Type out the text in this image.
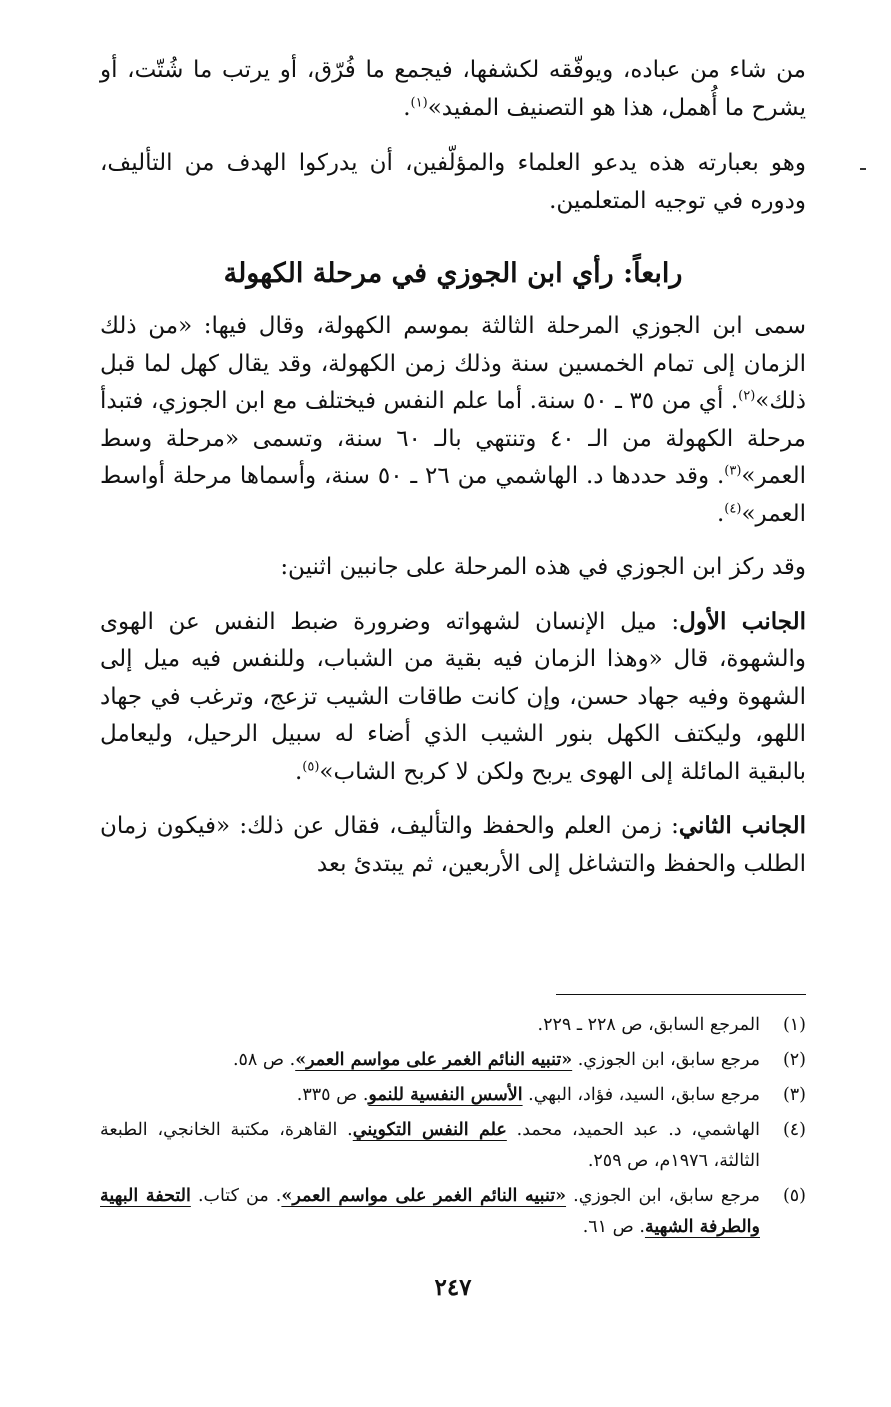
من شاء من عباده، ويوفّقه لكشفها، فيجمع ما فُرّق، أو يرتب ما شُتّت، أو يشرح ما أُهمل، هذا هو التصنيف المفيد»$^{(١)}$.

وهو بعبارته هذه يدعو العلماء والمؤلّفين، أن يدركوا الهدف من التأليف، ودوره في توجيه المتعلمين.

رابعاً: رأي ابن الجوزي في مرحلة الكهولة

سمى ابن الجوزي المرحلة الثالثة بموسم الكهولة، وقال فيها: «من ذلك الزمان إلى تمام الخمسين سنة وذلك زمن الكهولة، وقد يقال كهل لما قبل ذلك»$^{(٢)}$. أي من ٣٥ ـ ٥٠ سنة. أما علم النفس فيختلف مع ابن الجوزي، فتبدأ مرحلة الكهولة من الـ ٤٠ وتنتهي بالـ ٦٠ سنة، وتسمى «مرحلة وسط العمر»$^{(٣)}$. وقد حددها د. الهاشمي من ٢٦ ـ ٥٠ سنة، وأسماها مرحلة أواسط العمر»$^{(٤)}$.

وقد ركز ابن الجوزي في هذه المرحلة على جانبين اثنين:

الجانب الأول: ميل الإنسان لشهواته وضرورة ضبط النفس عن الهوى والشهوة، قال «وهذا الزمان فيه بقية من الشباب، وللنفس فيه ميل إلى الشهوة وفيه جهاد حسن، وإن كانت طاقات الشيب تزعج، وترغب في جهاد اللهو، وليكتف الكهل بنور الشيب الذي أضاء له سبيل الرحيل، وليعامل بالبقية المائلة إلى الهوى يربح ولكن لا كربح الشاب»$^{(٥)}$.

الجانب الثاني: زمن العلم والحفظ والتأليف، فقال عن ذلك: «فيكون زمان الطلب والحفظ والتشاغل إلى الأربعين، ثم يبتدئ بعد

(١)
المرجع السابق، ص ٢٢٨ ـ ٢٢٩.
(٢)
مرجع سابق، ابن الجوزي. «تنبيه النائم الغمر على مواسم العمر». ص ٥٨.
(٣)
مرجع سابق، السيد، فؤاد، البهي. الأسس النفسية للنمو. ص ٣٣٥.
(٤)
الهاشمي، د. عبد الحميد، محمد. علم النفس التكويني. القاهرة، مكتبة الخانجي، الطبعة الثالثة، ١٩٧٦م، ص ٢٥٩.
(٥)
مرجع سابق، ابن الجوزي. «تنبيه النائم الغمر على مواسم العمر». من كتاب. التحفة البهية والطرفة الشهية. ص ٦١.
٢٤٧
